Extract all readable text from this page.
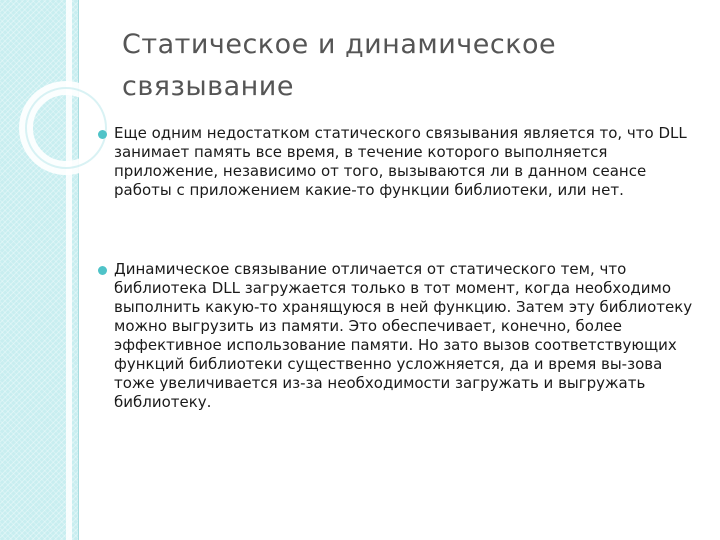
Статическое и динамическое связывание
Еще одним недостатком статического связывания является то, что DLL занимает память все время, в течение которого выполняется приложение, независимо от того, вызываются ли в данном сеансе работы с приложением какие-то функции библиотеки, или нет.
Динамическое связывание отличается от статического тем, что библиотека DLL загружается только в тот момент, когда необходимо выполнить какую-то хранящуюся в ней функцию. Затем эту библиотеку можно выгрузить из памяти. Это обеспечивает, конечно, более эффективное использование памяти. Но зато вызов соответствующих функций библиотеки существенно усложняется, да и время вы-зова тоже увеличивается из-за необходимости загружать и выгружать библиотеку.
